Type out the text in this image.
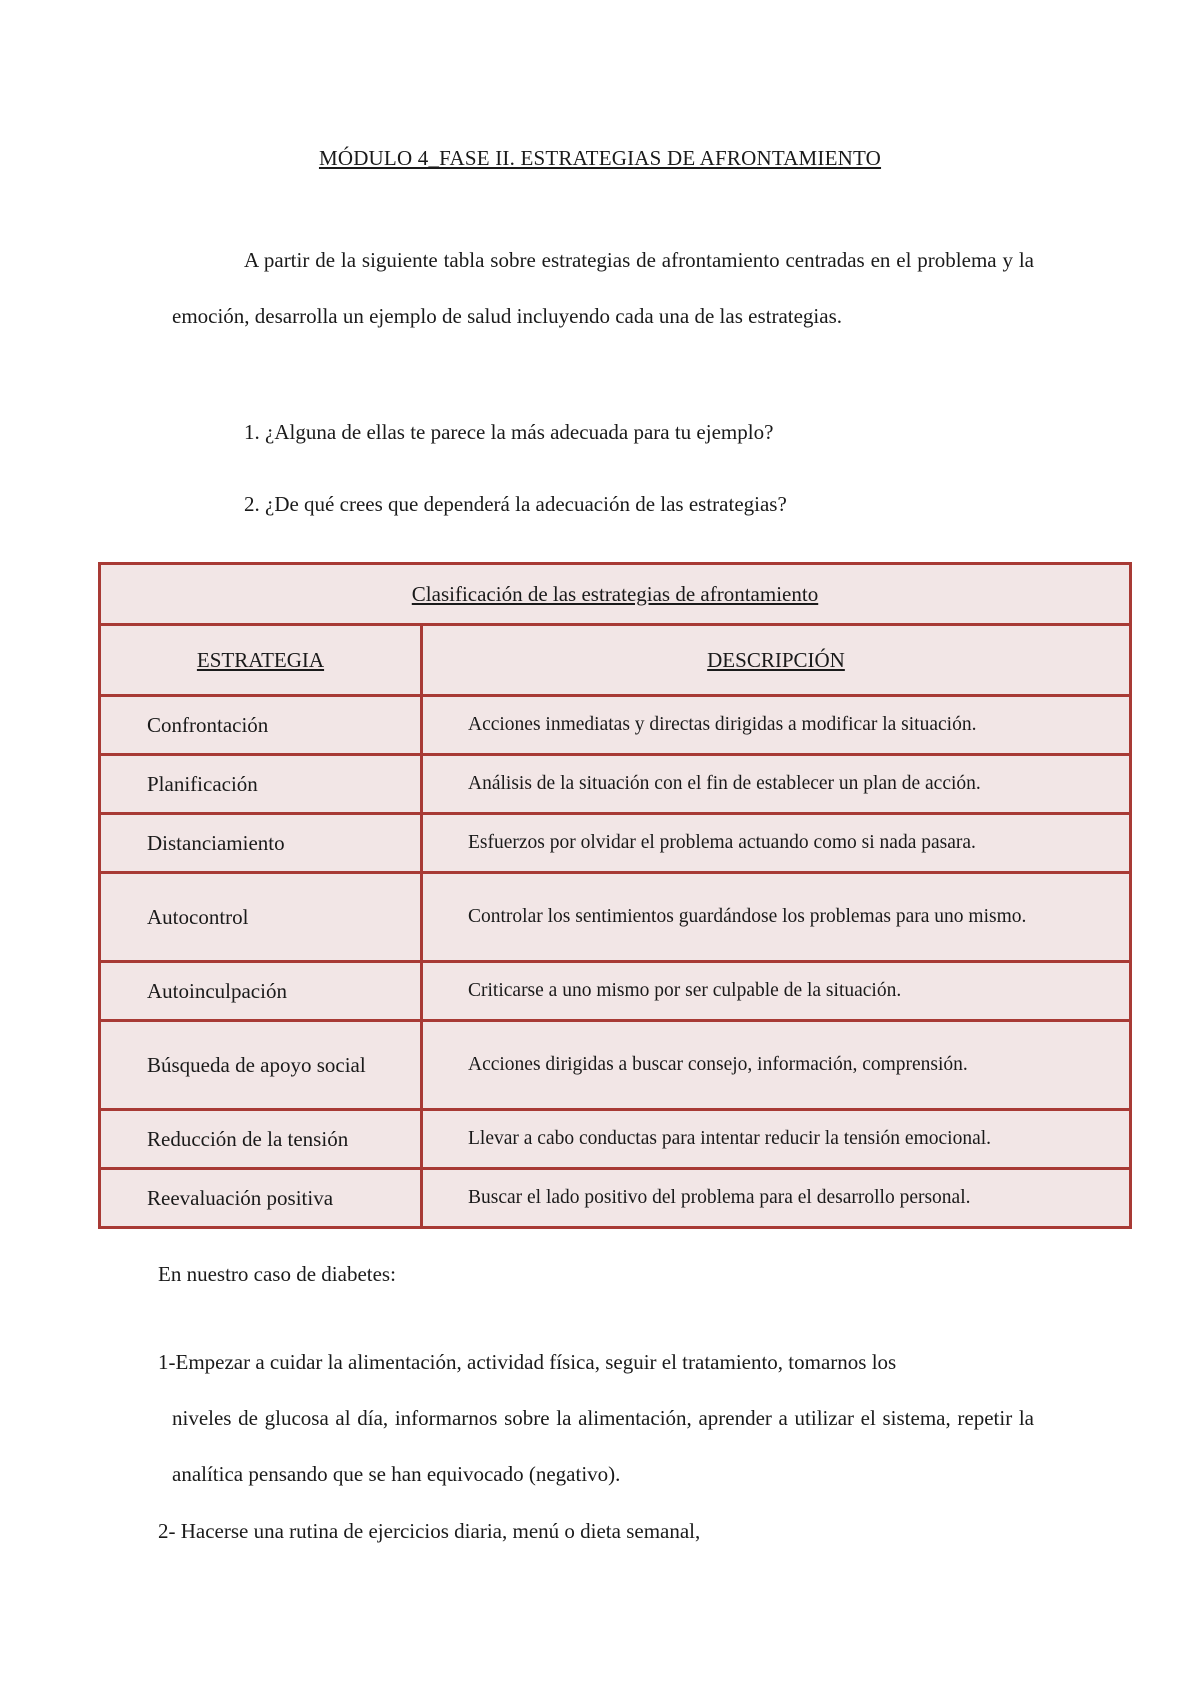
MÓDULO 4_FASE II. ESTRATEGIAS DE AFRONTAMIENTO

A partir de la siguiente tabla sobre estrategias de afrontamiento centradas en el problema y la emoción, desarrolla un ejemplo de salud incluyendo cada una de las estrategias.

1. ¿Alguna de ellas te parece la más adecuada para tu ejemplo?

2. ¿De qué crees que dependerá la adecuación de las estrategias?

Clasificación de las estrategias de afrontamiento	
ESTRATEGIA	DESCRIPCIÓN
Confrontación	Acciones inmediatas y directas dirigidas a modificar la situación.
Planificación	Análisis de la situación con el fin de establecer un plan de acción.
Distanciamiento	Esfuerzos por olvidar el problema actuando como si nada pasara.
Autocontrol	Controlar los sentimientos guardándose los problemas para uno mismo.
Autoinculpación	Criticarse a uno mismo por ser culpable de la situación.
Búsqueda de apoyo social	Acciones dirigidas a buscar consejo, información, comprensión.
Reducción de la tensión	Llevar a cabo conductas para intentar reducir la tensión emocional.
Reevaluación positiva	Buscar el lado positivo del problema para el desarrollo personal.

En nuestro caso de diabetes:

1-Empezar a cuidar la alimentación, actividad física, seguir el tratamiento, tomarnos los
niveles de glucosa al día, informarnos sobre la alimentación, aprender a utilizar el sistema, repetir la analítica pensando que se han equivocado (negativo).

2- Hacerse una rutina de ejercicios diaria, menú o dieta semanal,
